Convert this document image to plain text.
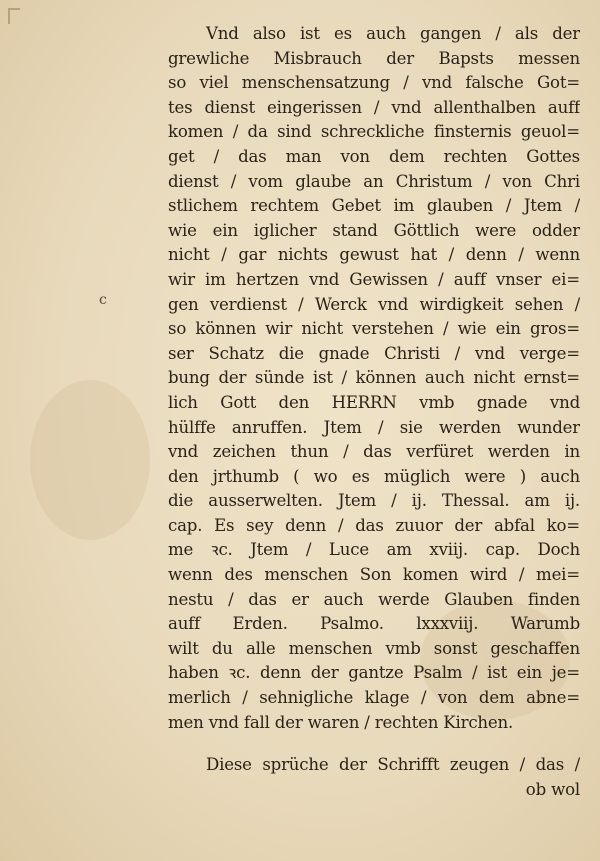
c
Vnd also ist es auch gangen / als der
grewliche Misbrauch der Bapsts messen
so viel menschensatzung / vnd falsche Got=
tes dienst eingerissen / vnd allenthalben auff
komen / da sind schreckliche finsternis geuol=
get / das man von dem rechten Gottes
dienst / vom glaube an Christum / von Chri
stlichem rechtem Gebet im glauben / Jtem /
wie ein iglicher stand Göttlich were odder
nicht / gar nichts gewust hat / denn / wenn
wir im hertzen vnd Gewissen / auff vnser ei=
gen verdienst / Werck vnd wirdigkeit sehen /
so können wir nicht verstehen / wie ein gros=
ser Schatz die gnade Christi / vnd verge=
bung der sünde ist / können auch nicht ernst=
lich Gott den HERRN vmb gnade vnd
hülffe anruffen. Jtem / sie werden wunder
vnd zeichen thun / das verfüret werden in
den jrthumb ( wo es müglich were ) auch
die ausserwelten. Jtem / ij. Thessal. am ij.
cap. Es sey denn / das zuuor der abfal ko=
me ꝛc. Jtem / Luce am xviij. cap. Doch
wenn des menschen Son komen wird / mei=
nestu / das er auch werde Glauben finden
auff Erden. Psalmo. lxxxviij. Warumb
wilt du alle menschen vmb sonst geschaffen
haben ꝛc. denn der gantze Psalm / ist ein je=
merlich / sehnigliche klage / von dem abne=
men vnd fall der waren / rechten Kirchen.
Diese sprüche der Schrifft zeugen / das /
ob wol
